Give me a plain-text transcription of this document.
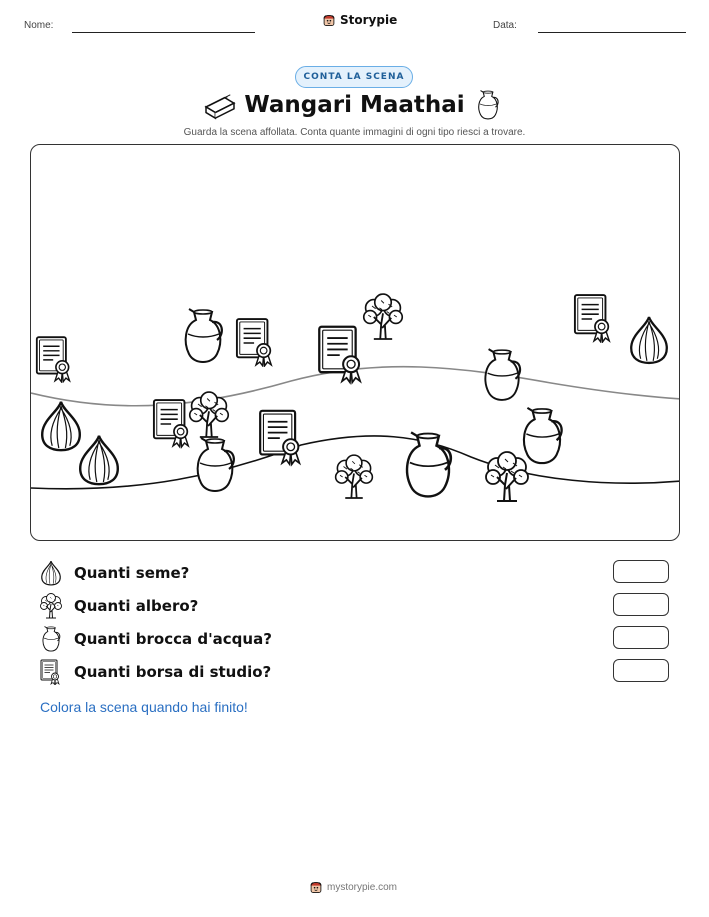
Nome:	Storypie	Data:
CONTA LA SCENA
Wangari Maathai
Guarda la scena affollata. Conta quante immagini di ogni tipo riesci a trovare.
Quanti seme?
Quanti albero?
Quanti brocca d'acqua?
Quanti borsa di studio?
Colora la scena quando hai finito!
mystorypie.com
